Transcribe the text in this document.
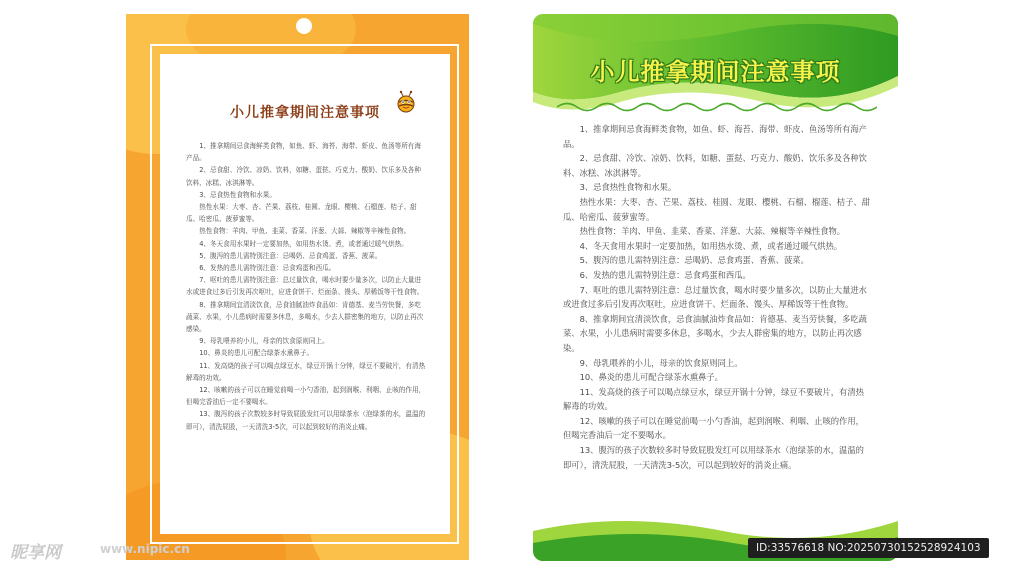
小儿推拿期间注意事项

1、推拿期间忌食海鲜类食物，如鱼、虾、海苔、海带、虾皮、鱼汤等所有海产品。

2、忌食甜、冷饮、凉奶、饮料，如糖、蛋挞、巧克力、酸奶、饮乐多及各种饮料、冰糕、冰淇淋等。

3、忌食热性食物和水果。

热性水果：大枣、杏、芒果、荔枝、桂圆、龙眼、樱桃、石榴莲、桔子、甜瓜、哈密瓜、菠萝蜜等。

热性食物：羊肉、甲鱼、韭菜、香菜、洋葱、大蒜、辣椒等辛辣性食物。

4、冬天食用水果时一定要加热，如用热水烫、煮，或者通过暖气烘热。

5、腹泻的患儿需特别注意：忌喝奶、忌食鸡蛋、香蕉、菠菜。

6、发热的患儿需特别注意：忌食鸡蛋和西瓜。

7、呕吐的患儿需特别注意：总过量饮食，喝水时要少量多次，以防止大量进水或进食过多后引发再次呕吐，应进食饼干、烂面条、馒头、厚稀饭等干性食物。

8、推拿期间宜清淡饮食，忌食油腻油炸食品如：肯德基、麦当劳快餐，多吃蔬菜、水果，小儿患病时需要多休息，多喝水，少去人群密集的地方，以防止再次感染。

9、母乳喂养的小儿，母亲的饮食原则同上。

10、鼻炎的患儿可配合绿茶水熏鼻子。

11、发高烧的孩子可以喝点绿豆水，绿豆开锅十分钟，绿豆不要破片，有清热解毒的功效。

12、咳嗽的孩子可以在睡觉前喝一小勺香油，起到润喉、利咽、止咳的作用，但喝完香油后一定不要喝水。

13、腹泻的孩子次数较多时导致屁股发红可以用绿茶水（泡绿茶的水，温温的即可），清洗屁股，一天清洗3-5次，可以起到较好的消炎止痛。

小儿推拿期间注意事项

1、推拿期间忌食海鲜类食物，如鱼、虾、海苔、海带、虾皮、鱼汤等所有海产品。

2、忌食甜、冷饮、凉奶、饮料，如糖、蛋挞、巧克力、酸奶、饮乐多及各种饮料、冰糕、冰淇淋等。

3、忌食热性食物和水果。

热性水果：大枣、杏、芒果、荔枝、桂圆、龙眼、樱桃、石榴、榴莲、桔子、甜瓜、哈密瓜、菠萝蜜等。

热性食物：羊肉、甲鱼、韭菜、香菜、洋葱、大蒜、辣椒等辛辣性食物。

4、冬天食用水果时一定要加热，如用热水烫、煮，或者通过暖气烘热。

5、腹泻的患儿需特别注意：忌喝奶、忌食鸡蛋、香蕉、菠菜。

6、发热的患儿需特别注意：忌食鸡蛋和西瓜。

7、呕吐的患儿需特别注意：总过量饮食，喝水时要少量多次，以防止大量进水或进食过多后引发再次呕吐，应进食饼干、烂面条、馒头、厚稀饭等干性食物。

8、推拿期间宜清淡饮食，忌食油腻油炸食品如：肯德基、麦当劳快餐，多吃蔬菜、水果，小儿患病时需要多休息，多喝水，少去人群密集的地方，以防止再次感染。

9、母乳喂养的小儿，母亲的饮食原则同上。

10、鼻炎的患儿可配合绿茶水熏鼻子。

11、发高烧的孩子可以喝点绿豆水，绿豆开锅十分钟，绿豆不要破片，有清热解毒的功效。

12、咳嗽的孩子可以在睡觉前喝一小勺香油，起到润喉、利咽、止咳的作用，但喝完香油后一定不要喝水。

13、腹泻的孩子次数较多时导致屁股发红可以用绿茶水（泡绿茶的水，温温的即可），清洗屁股，一天清洗3-5次，可以起到较好的消炎止痛。

昵享网	www.nipic.cn	ID:33576618 NO:20250730152528924103
